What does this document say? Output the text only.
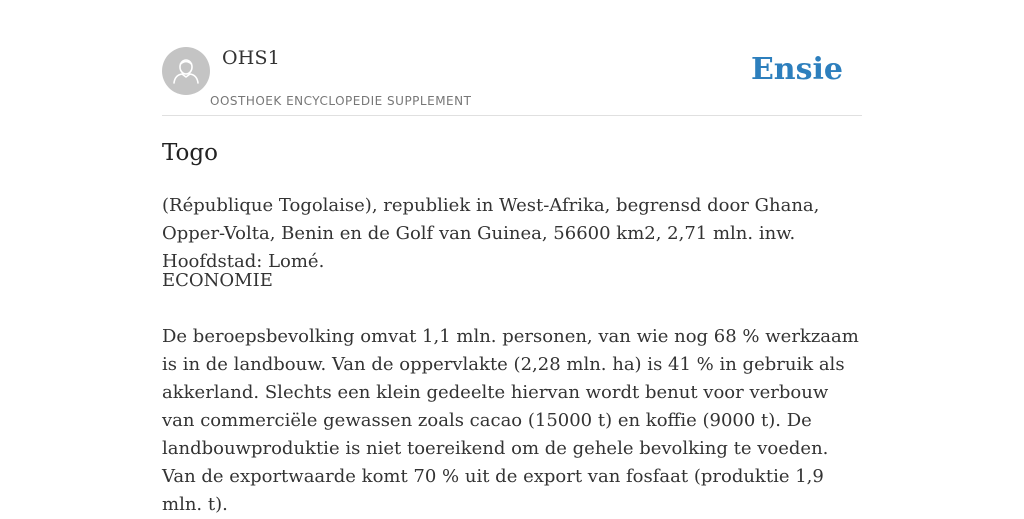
OHS1
OOSTHOEK ENCYCLOPEDIE SUPPLEMENT
Ensie
Togo

(République Togolaise), republiek in West-Afrika, begrensd door Ghana, Opper-Volta, Benin en de Golf van Guinea, 56600 km2, 2,71 mln. inw. Hoofdstad: Lomé.

ECONOMIE

De beroepsbevolking omvat 1,1 mln. personen, van wie nog 68 % werkzaam is in de landbouw. Van de oppervlakte (2,28 mln. ha) is 41 % in gebruik als akkerland. Slechts een klein gedeelte hiervan wordt benut voor verbouw van commerciële gewassen zoals cacao (15000 t) en koffie (9000 t). De landbouwproduktie is niet toereikend om de gehele bevolking te voeden. Van de exportwaarde komt 70 % uit de export van fosfaat (produktie 1,9 mln. t).
